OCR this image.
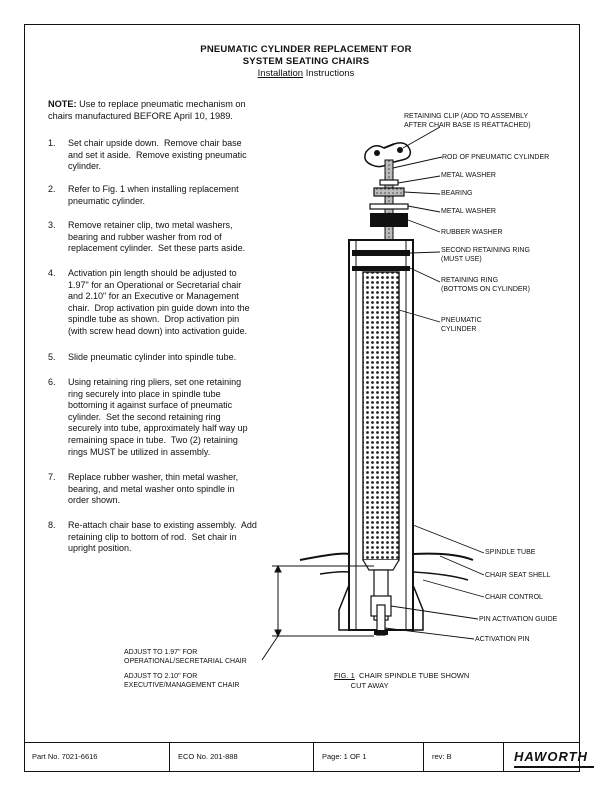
PNEUMATIC CYLINDER REPLACEMENT FOR
SYSTEM SEATING CHAIRS
Installation Instructions
NOTE: Use to replace pneumatic mechanism on
chairs manufactured BEFORE April 10, 1989.
1.	Set chair upside down.  Remove chair base
and set it aside.  Remove existing pneumatic
cylinder.
2.	Refer to Fig. 1 when installing replacement
pneumatic cylinder.
3.	Remove retainer clip, two metal washers,
bearing and rubber washer from rod of
replacement cylinder.  Set these parts aside.
4.	Activation pin length should be adjusted to
1.97" for an Operational or Secretarial chair
and 2.10" for an Executive or Management
chair.  Drop activation pin guide down into the
spindle tube as shown.  Drop activation pin
(with screw head down) into activation guide.
5.	Slide pneumatic cylinder into spindle tube.
6.	Using retaining ring pliers, set one retaining
ring securely into place in spindle tube
bottoming it against surface of pneumatic
cylinder.  Set the second retaining ring
securely into tube, approximately half way up
remaining space in tube.  Two (2) retaining
rings MUST be utilized in assembly.
7.	Replace rubber washer, thin metal washer,
bearing, and metal washer onto spindle in
order shown.
8.	Re-attach chair base to existing assembly.  Add
retaining clip to bottom of rod.  Set chair in
upright position.
RETAINING CLIP (ADD TO ASSEMBLY
AFTER CHAIR BASE IS REATTACHED)
ROD OF PNEUMATIC CYLINDER
METAL WASHER
BEARING
METAL WASHER
RUBBER WASHER
SECOND RETAINING RING
(MUST USE)
RETAINING RING
(BOTTOMS ON CYLINDER)
PNEUMATIC
CYLINDER
SPINDLE TUBE
CHAIR SEAT SHELL
CHAIR CONTROL
PIN ACTIVATION GUIDE
ACTIVATION PIN
ADJUST TO 1.97" FOR
OPERATIONAL/SECRETARIAL CHAIR
ADJUST TO 2.10" FOR
EXECUTIVE/MANAGEMENT CHAIR
FIG. 1  CHAIR SPINDLE TUBE SHOWN
CUT AWAY
Part No. 7021-6616	ECO No. 201-888	Page: 1 OF 1	rev: B	HAWORTH
